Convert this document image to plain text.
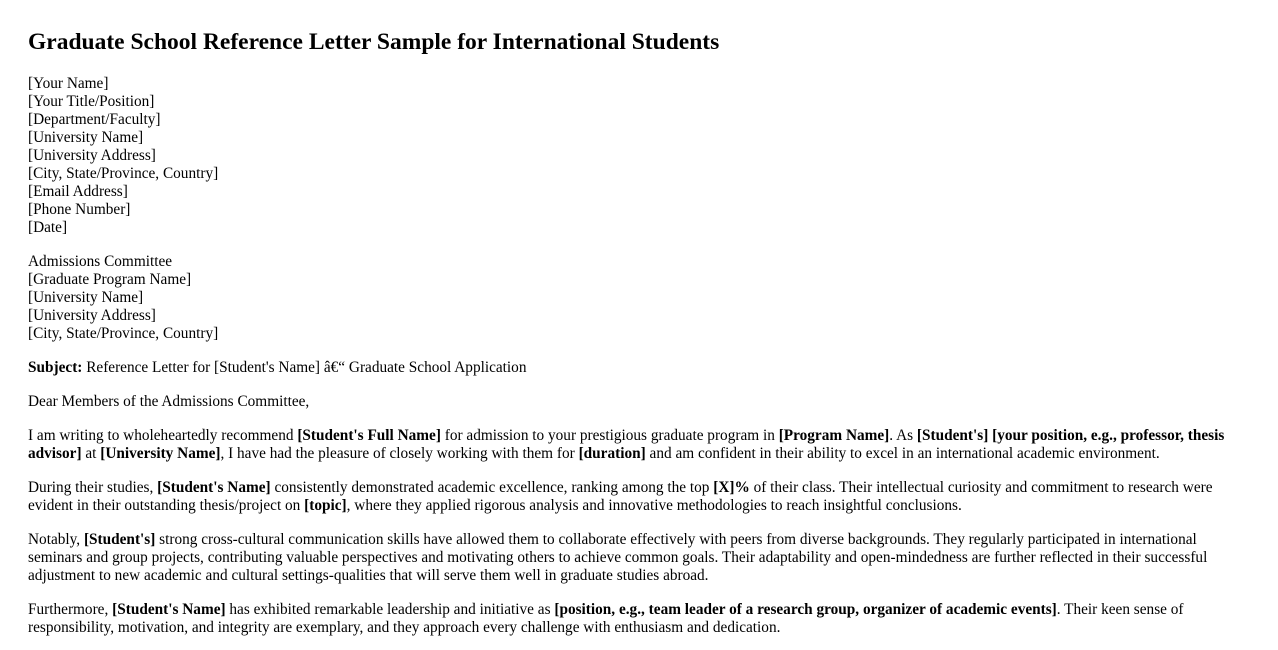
Graduate School Reference Letter Sample for International Students
[Your Name]
[Your Title/Position]
[Department/Faculty]
[University Name]
[University Address]
[City, State/Province, Country]
[Email Address]
[Phone Number]
[Date]
Admissions Committee
[Graduate Program Name]
[University Name]
[University Address]
[City, State/Province, Country]

Subject: Reference Letter for [Student's Name] â€“ Graduate School Application

Dear Members of the Admissions Committee,

I am writing to wholeheartedly recommend [Student's Full Name] for admission to your prestigious graduate program in [Program Name]. As [Student's] [your position, e.g., professor, thesis advisor] at [University Name], I have had the pleasure of closely working with them for [duration] and am confident in their ability to excel in an international academic environment.

During their studies, [Student's Name] consistently demonstrated academic excellence, ranking among the top [X]% of their class. Their intellectual curiosity and commitment to research were evident in their outstanding thesis/project on [topic], where they applied rigorous analysis and innovative methodologies to reach insightful conclusions.

Notably, [Student's] strong cross-cultural communication skills have allowed them to collaborate effectively with peers from diverse backgrounds. They regularly participated in international seminars and group projects, contributing valuable perspectives and motivating others to achieve common goals. Their adaptability and open-mindedness are further reflected in their successful adjustment to new academic and cultural settings-qualities that will serve them well in graduate studies abroad.

Furthermore, [Student's Name] has exhibited remarkable leadership and initiative as [position, e.g., team leader of a research group, organizer of academic events]. Their keen sense of responsibility, motivation, and integrity are exemplary, and they approach every challenge with enthusiasm and dedication.
